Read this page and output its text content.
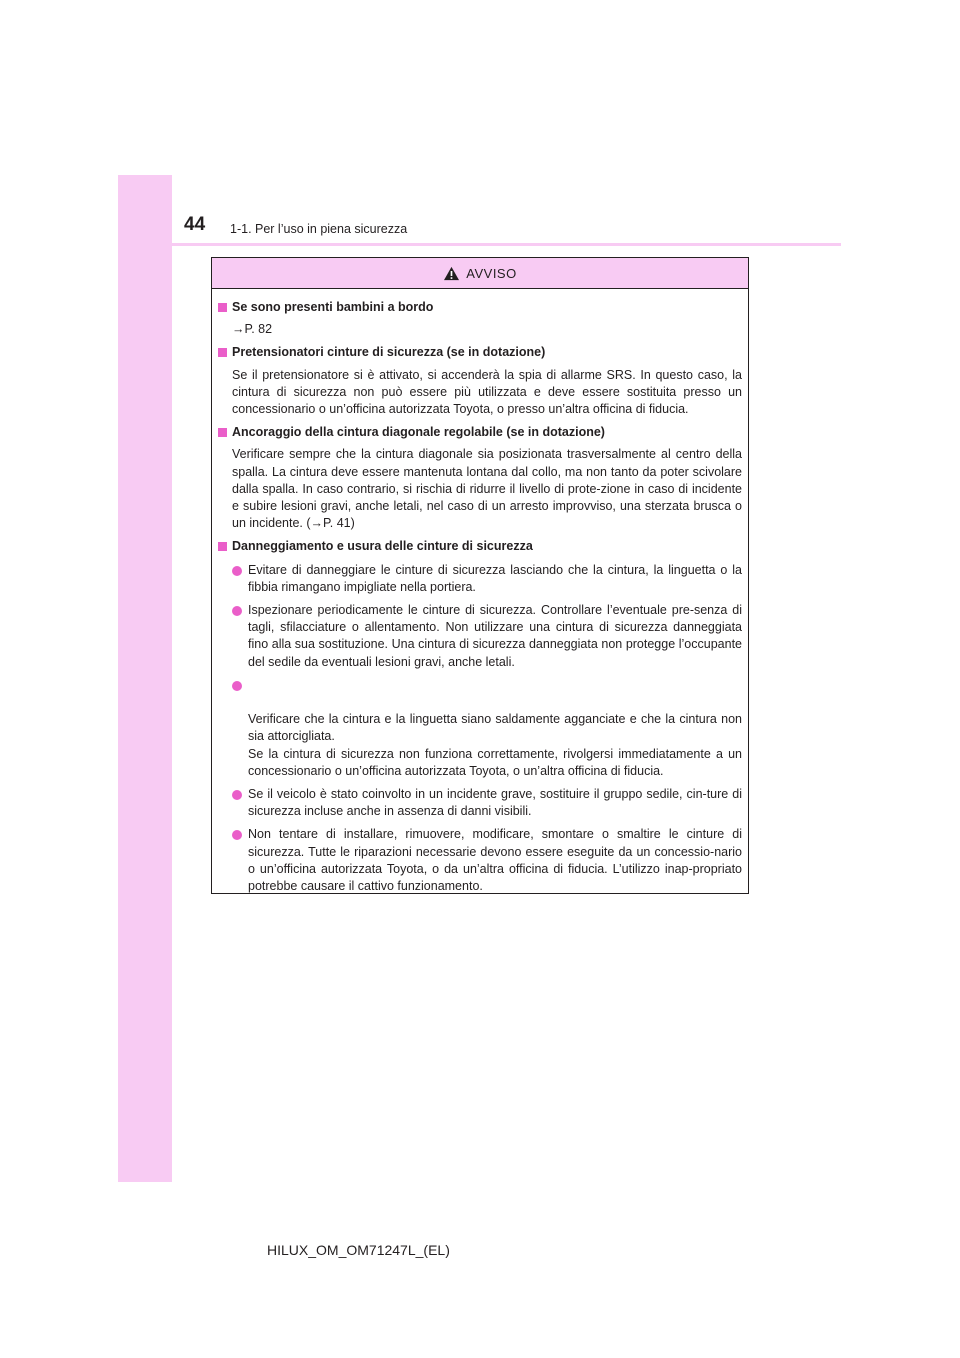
44 1-1. Per l’uso in piena sicurezza
AVVISO
Se sono presenti bambini a bordo
→P. 82
Pretensionatori cinture di sicurezza (se in dotazione)
Se il pretensionatore si è attivato, si accenderà la spia di allarme SRS. In questo caso, la cintura di sicurezza non può essere più utilizzata e deve essere sostituita presso un concessionario o un’officina autorizzata Toyota, o presso un’altra officina di fiducia.
Ancoraggio della cintura diagonale regolabile (se in dotazione)
Verificare sempre che la cintura diagonale sia posizionata trasversalmente al centro della spalla. La cintura deve essere mantenuta lontana dal collo, ma non tanto da poter scivolare dalla spalla. In caso contrario, si rischia di ridurre il livello di prote-zione in caso di incidente e subire lesioni gravi, anche letali, nel caso di un arresto improvviso, una sterzata brusca o un incidente. (→P. 41)
Danneggiamento e usura delle cinture di sicurezza
Evitare di danneggiare le cinture di sicurezza lasciando che la cintura, la linguetta o la fibbia rimangano impigliate nella portiera.
Ispezionare periodicamente le cinture di sicurezza. Controllare l’eventuale pre-senza di tagli, sfilacciature o allentamento. Non utilizzare una cintura di sicurezza danneggiata fino alla sua sostituzione. Una cintura di sicurezza danneggiata non protegge l’occupante del sedile da eventuali lesioni gravi, anche letali.

Verificare che la cintura e la linguetta siano saldamente agganciate e che la cintura non sia attorcigliata.
Se la cintura di sicurezza non funziona correttamente, rivolgersi immediatamente a un concessionario o un’officina autorizzata Toyota, o un’altra officina di fiducia.

Se il veicolo è stato coinvolto in un incidente grave, sostituire il gruppo sedile, cin-ture di sicurezza incluse anche in assenza di danni visibili.
Non tentare di installare, rimuovere, modificare, smontare o smaltire le cinture di sicurezza. Tutte le riparazioni necessarie devono essere eseguite da un concessio-nario o un’officina autorizzata Toyota, o da un’altra officina di fiducia. L’utilizzo inap-propriato potrebbe causare il cattivo funzionamento.
HILUX_OM_OM71247L_(EL)
